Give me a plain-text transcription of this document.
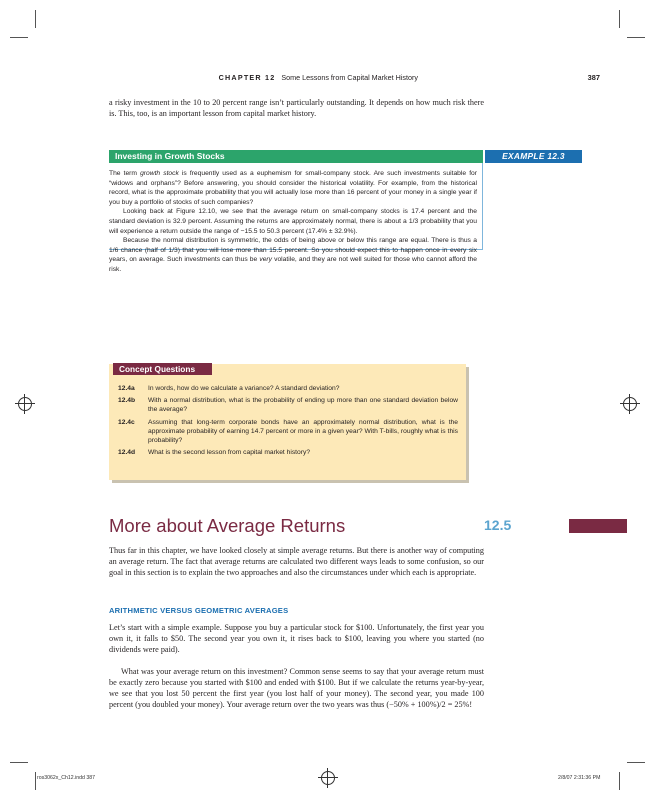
CHAPTER 12 Some Lessons from Capital Market History	387
a risky investment in the 10 to 20 percent range isn’t particularly outstanding. It depends on how much risk there is. This, too, is an important lesson from capital market history.
Investing in Growth Stocks	EXAMPLE 12.3

The term growth stock is frequently used as a euphemism for small-company stock. Are such investments suitable for “widows and orphans”? Before answering, you should consider the historical volatility. For example, from the historical record, what is the approximate probability that you will actually lose more than 16 percent of your money in a single year if you buy a portfolio of stocks of such companies?

Looking back at Figure 12.10, we see that the average return on small-company stocks is 17.4 percent and the standard deviation is 32.9 percent. Assuming the returns are approximately normal, there is about a 1/3 probability that you will experience a return outside the range of −15.5 to 50.3 percent (17.4% ± 32.9%).

Because the normal distribution is symmetric, the odds of being above or below this range are equal. There is thus a 1/6 chance (half of 1/3) that you will lose more than 15.5 percent. So you should expect this to happen once in every six years, on average. Such investments can thus be very volatile, and they are not well suited for those who cannot afford the risk.

Concept Questions
12.4a In words, how do we calculate a variance? A standard deviation?
12.4b With a normal distribution, what is the probability of ending up more than one standard deviation below the average?
12.4c Assuming that long-term corporate bonds have an approximately normal distribution, what is the approximate probability of earning 14.7 percent or more in a given year? With T-bills, roughly what is this probability?
12.4d What is the second lesson from capital market history?
More about Average Returns	12.5
Thus far in this chapter, we have looked closely at simple average returns. But there is another way of computing an average return. The fact that average returns are calculated two different ways leads to some confusion, so our goal in this section is to explain the two approaches and also the circumstances under which each is appropriate.
ARITHMETIC VERSUS GEOMETRIC AVERAGES
Let’s start with a simple example. Suppose you buy a particular stock for $100. Unfortunately, the first year you own it, it falls to $50. The second year you own it, it rises back to $100, leaving you where you started (no dividends were paid).
What was your average return on this investment? Common sense seems to say that your average return must be exactly zero because you started with $100 and ended with $100. But if we calculate the returns year-by-year, we see that you lost 50 percent the first year (you lost half of your money). The second year, you made 100 percent (you doubled your money). Your average return over the two years was thus (−50% + 100%)/2 = 25%!
ros3062x_Ch12.indd 387	2/8/07 2:31:36 PM
